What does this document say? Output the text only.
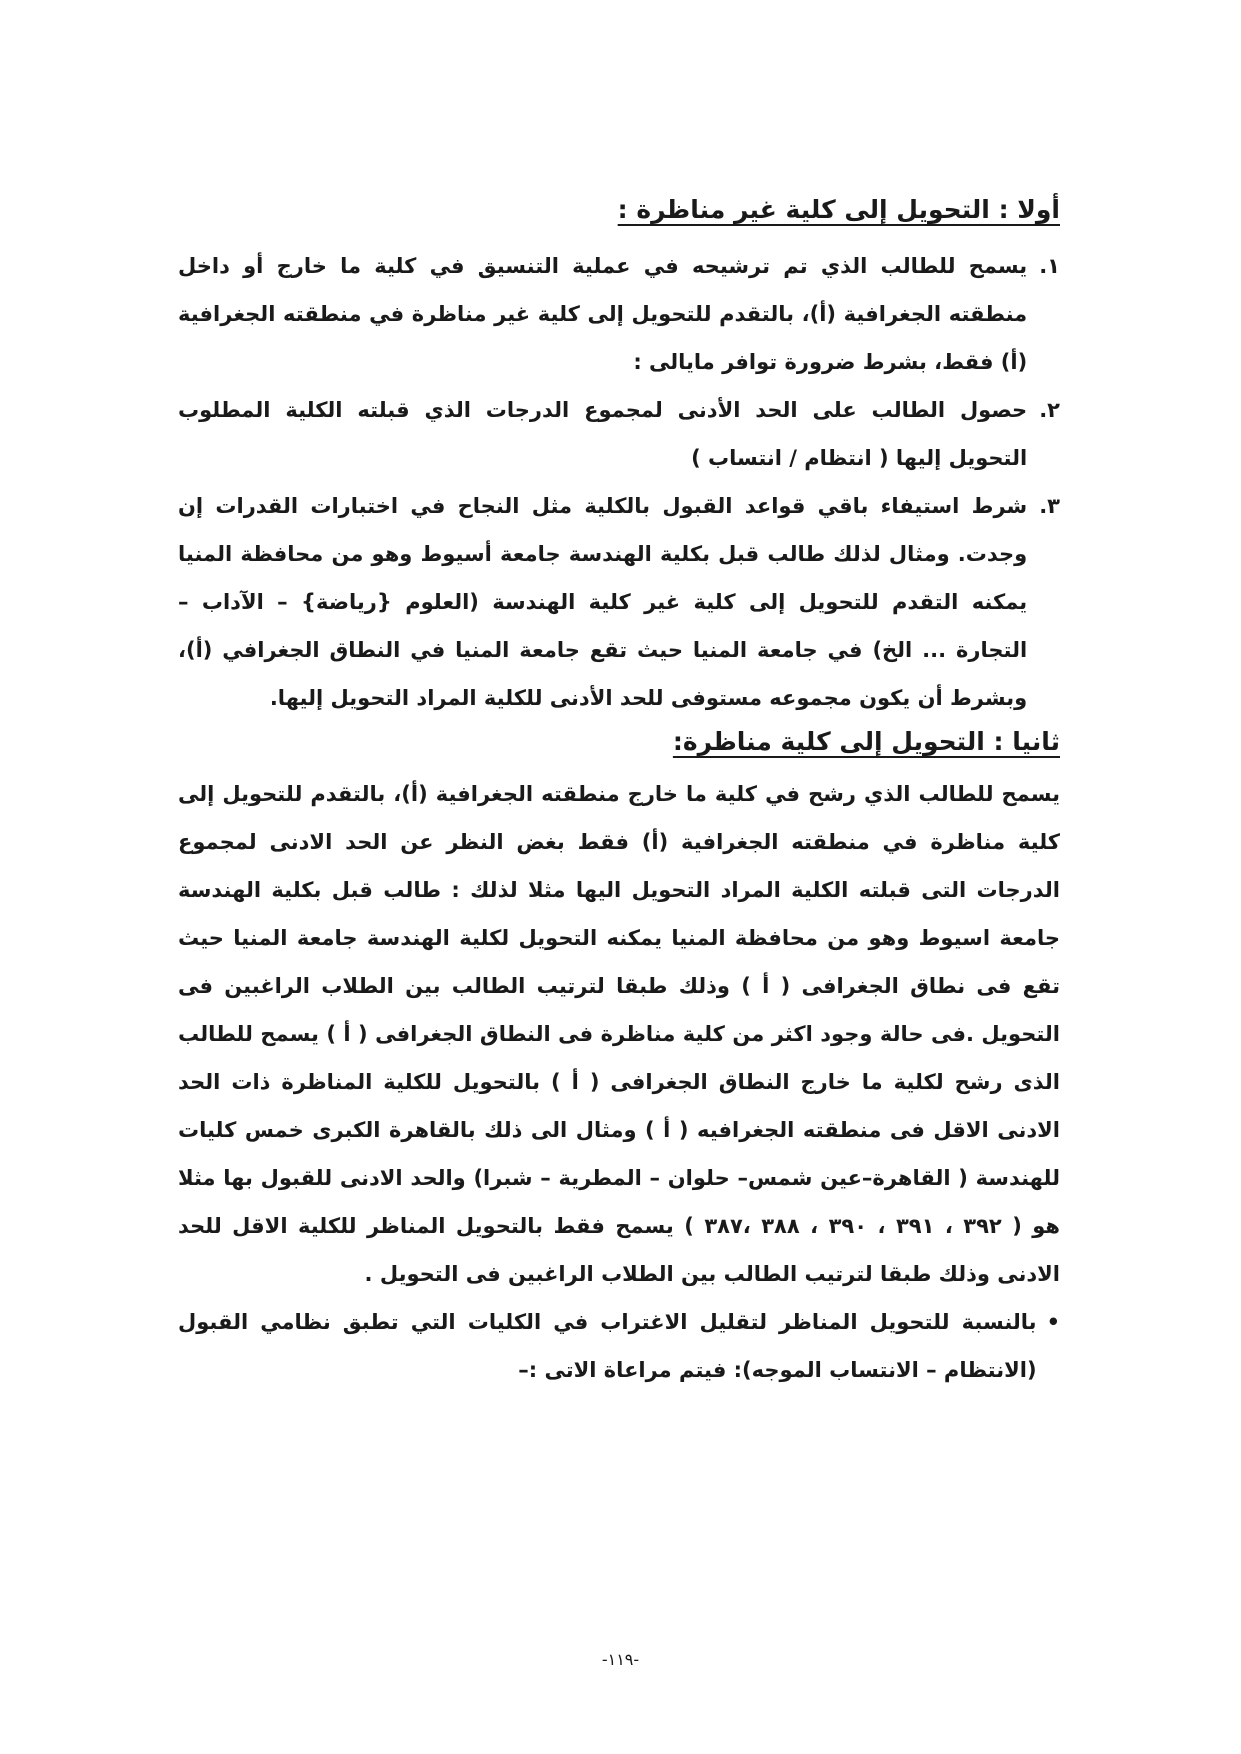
أولا : التحويل إلى كلية غير مناظرة :
١.
يسمح للطالب الذي تم ترشيحه في عملية التنسيق في كلية ما خارج أو داخل منطقته الجغرافية (أ)، بالتقدم للتحويل إلى كلية غير مناظرة في منطقته الجغرافية (أ) فقط، بشرط ضرورة توافر مايالى :
٢.
حصول الطالب على الحد الأدنى لمجموع الدرجات الذي قبلته الكلية المطلوب التحويل إليها ( انتظام / انتساب )
٣.
شرط استيفاء باقي قواعد القبول بالكلية مثل النجاح في اختبارات القدرات إن وجدت. ومثال لذلك طالب قبل بكلية الهندسة جامعة أسيوط وهو من محافظة المنيا يمكنه التقدم للتحويل إلى كلية غير كلية الهندسة (العلوم {رياضة} – الآداب – التجارة ... الخ) في جامعة المنيا حيث تقع جامعة المنيا في النطاق الجغرافي (أ)، وبشرط أن يكون مجموعه مستوفى للحد الأدنى للكلية المراد التحويل إليها.
ثانيا : التحويل إلى كلية مناظرة:

يسمح للطالب الذي رشح في كلية ما خارج منطقته الجغرافية (أ)، بالتقدم للتحويل إلى كلية مناظرة في منطقته الجغرافية (أ) فقط بغض النظر عن الحد الادنى لمجموع الدرجات التى قبلته الكلية المراد التحويل اليها مثلا لذلك : طالب قبل بكلية الهندسة جامعة اسيوط وهو من محافظة المنيا يمكنه التحويل لكلية الهندسة جامعة المنيا حيث تقع فى نطاق الجغرافى ( أ ) وذلك طبقا لترتيب الطالب بين الطلاب الراغبين فى التحويل .فى حالة وجود اكثر من كلية مناظرة فى النطاق الجغرافى ( أ ) يسمح للطالب الذى رشح لكلية ما خارج النطاق الجغرافى ( أ ) بالتحويل للكلية المناظرة ذات الحد الادنى الاقل فى منطقته الجغرافيه ( أ ) ومثال الى ذلك بالقاهرة الكبرى خمس كليات للهندسة ( القاهرة–عين شمس– حلوان – المطرية – شبرا) والحد الادنى للقبول بها مثلا هو ( ٣٩٢ ، ٣٩١ ، ٣٩٠ ، ٣٨٨ ،٣٨٧ ) يسمح فقط بالتحويل المناظر للكلية الاقل للحد الادنى وذلك طبقا لترتيب الطالب بين الطلاب الراغبين فى التحويل .

•
بالنسبة للتحويل المناظر لتقليل الاغتراب في الكليات التي تطبق نظامي القبول (الانتظام – الانتساب الموجه): فيتم مراعاة الاتى :–
-١١٩-
